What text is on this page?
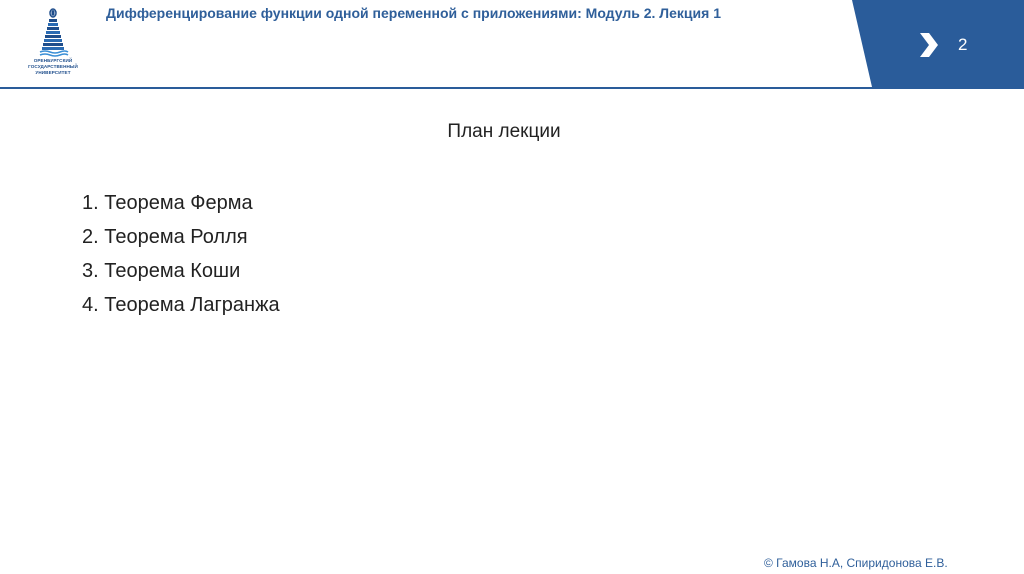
ОРЕНБУРГСКИЙ
ГОСУДАРСТВЕННЫЙ
УНИВЕРСИТЕТ
Дифференцирование функции одной переменной с приложениями: Модуль 2. Лекция 1
2
План лекции
1. Теорема Ферма
2. Теорема Ролля
3. Теорема Коши
4. Теорема Лагранжа
© Гамова Н.А, Спиридонова Е.В.
